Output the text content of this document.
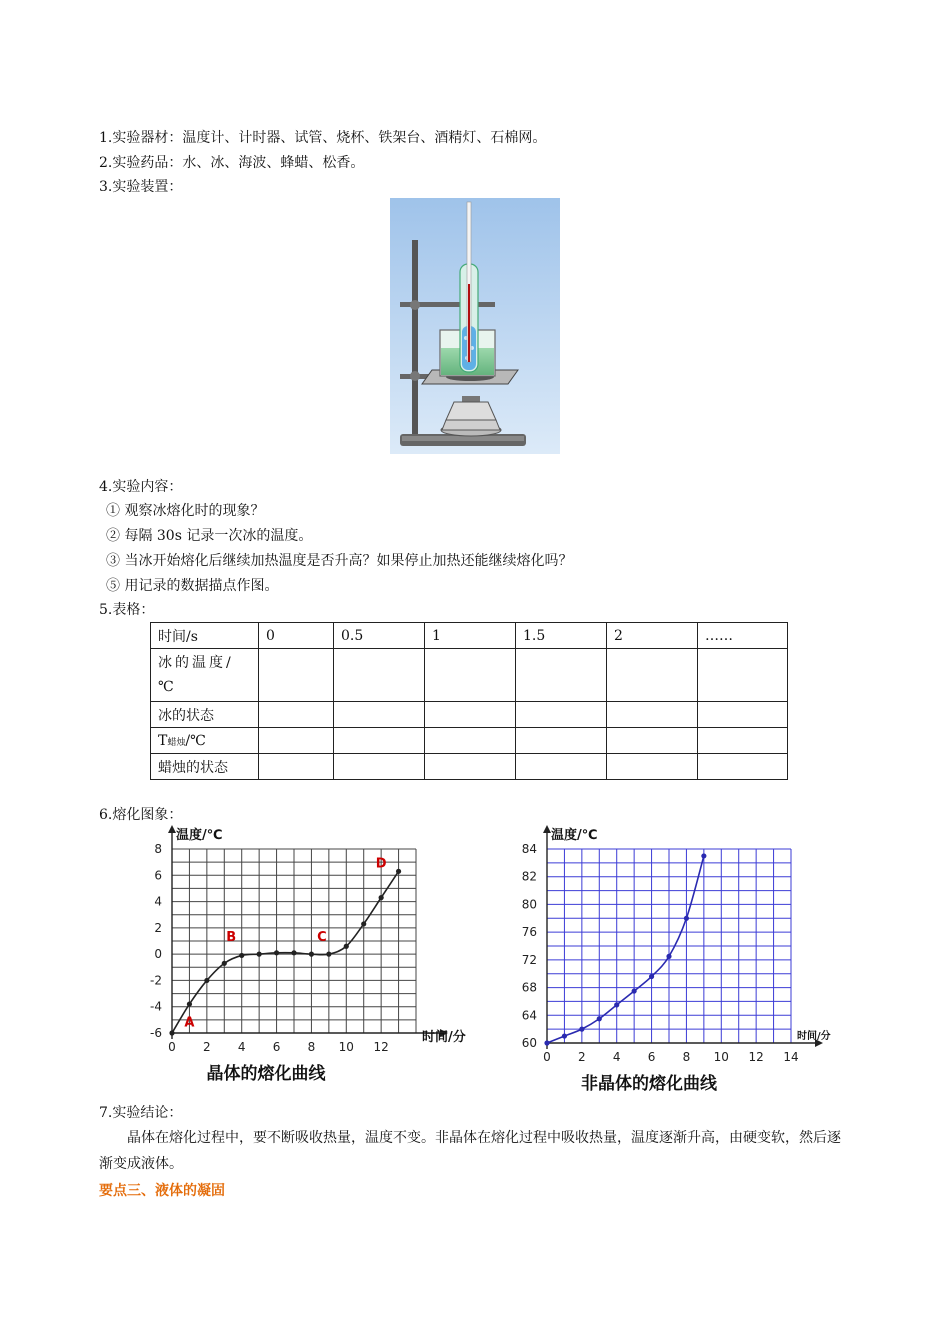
1.实验器材：温度计、计时器、试管、烧杯、铁架台、酒精灯、石棉网。
2.实验药品：水、冰、海波、蜂蜡、松香。
3.实验装置：
4.实验内容：
① 观察冰熔化时的现象？
② 每隔 30s 记录一次冰的温度。
③ 当冰开始熔化后继续加热温度是否升高？如果停止加热还能继续熔化吗？
⑤ 用记录的数据描点作图。
5.表格：
时间/s	0	0.5	1	1.5	2	……
冰的温度/℃						
冰的状态						
T蜡烛/℃						
蜡烛的状态						
6.熔化图象：
0 2 4 6 8 10 12
-6
-4
-2
0
2
4
6
8
温度/℃
时间/分
晶体的熔化曲线
A
B	C
D
0 2 4 6 8 10 12 14
60
64
68
72
76
80
82
84
温度/℃
时间/分
非晶体的熔化曲线
7.实验结论：
晶体在熔化过程中，要不断吸收热量，温度不变。非晶体在熔化过程中吸收热量，温度逐渐升高，由硬变软，然后逐渐变成液体。
要点三、液体的凝固
